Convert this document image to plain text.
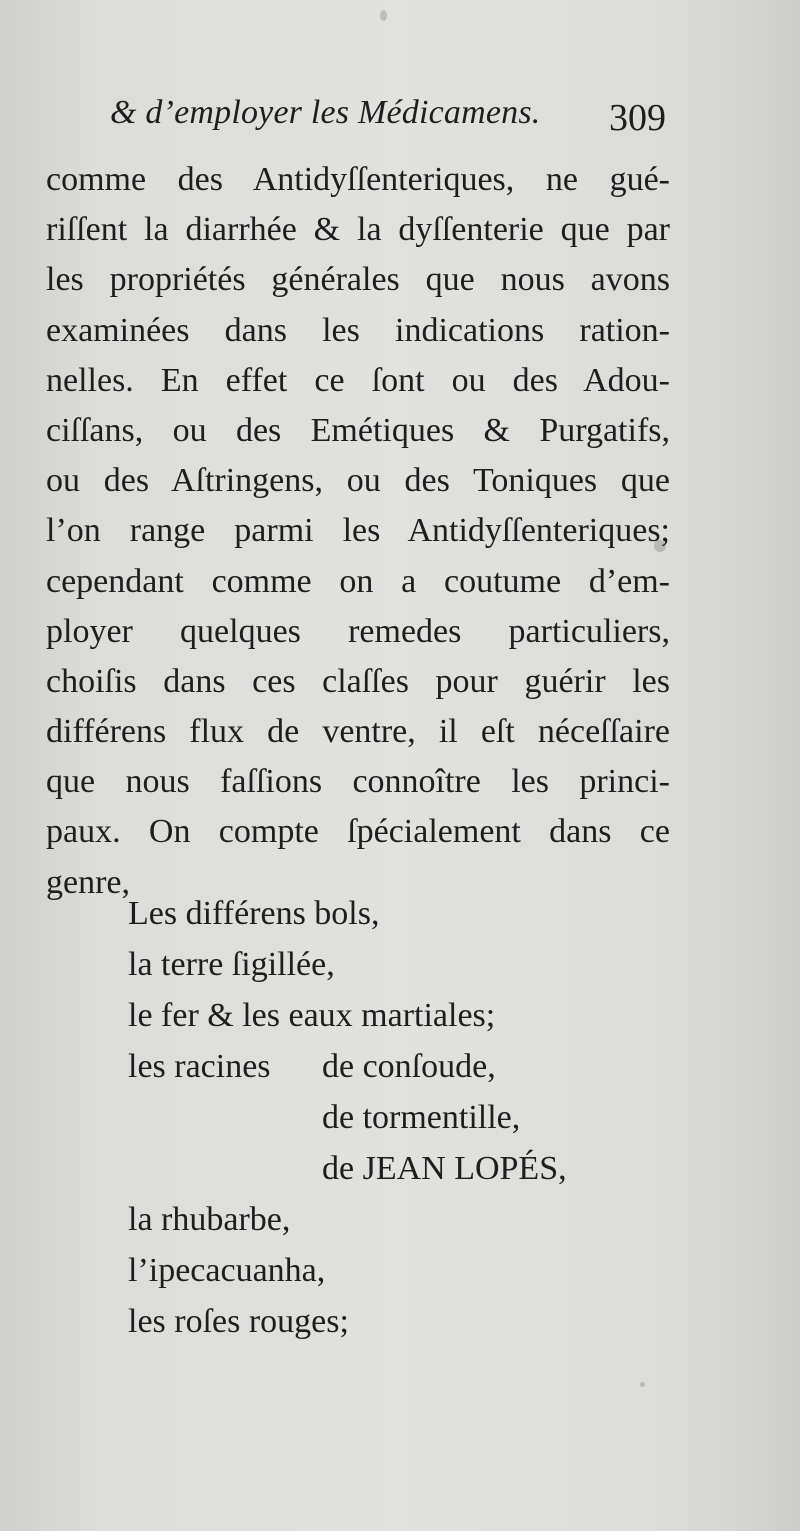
& d’employer les Médicamens. 309
comme des Antidyſſenteriques, ne gué-
riſſent la diarrhée & la dyſſenterie que par
les propriétés générales que nous avons
examinées dans les indications ration-
nelles. En effet ce ſont ou des Adou-
ciſſans, ou des Emétiques & Purgatifs,
ou des Aſtringens, ou des Toniques que
l’on range parmi les Antidyſſenteriques;
cependant comme on a coutume d’em-
ployer quelques remedes particuliers,
choiſis dans ces claſſes pour guérir les
différens flux de ventre, il eſt néceſſaire
que nous faſſions connoître les princi-
paux. On compte ſpécialement dans ce
genre,
Les différens bols,
la terre ſigillée,
le fer & les eaux martiales;
les racines de conſoude,
de tormentille,
de JEAN LOPÉS,
la rhubarbe,
l’ipecacuanha,
les roſes rouges;
